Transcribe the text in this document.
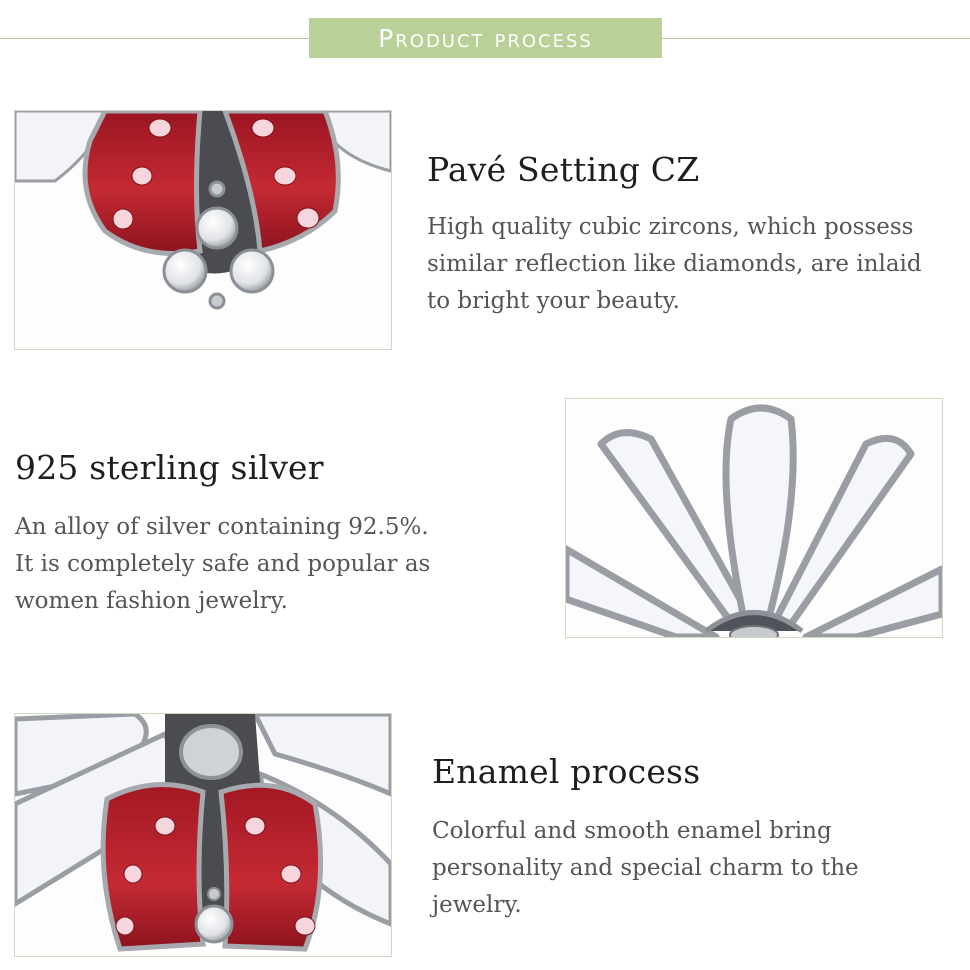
Product process
Pavé Setting CZ

High quality cubic zircons, which possess
similar reflection like diamonds, are inlaid
to bright your beauty.

925 sterling silver

An alloy of silver containing 92.5%.
It is completely safe and popular as
women fashion jewelry.

Enamel process

Colorful and smooth enamel bring
personality and special charm to the
jewelry.
